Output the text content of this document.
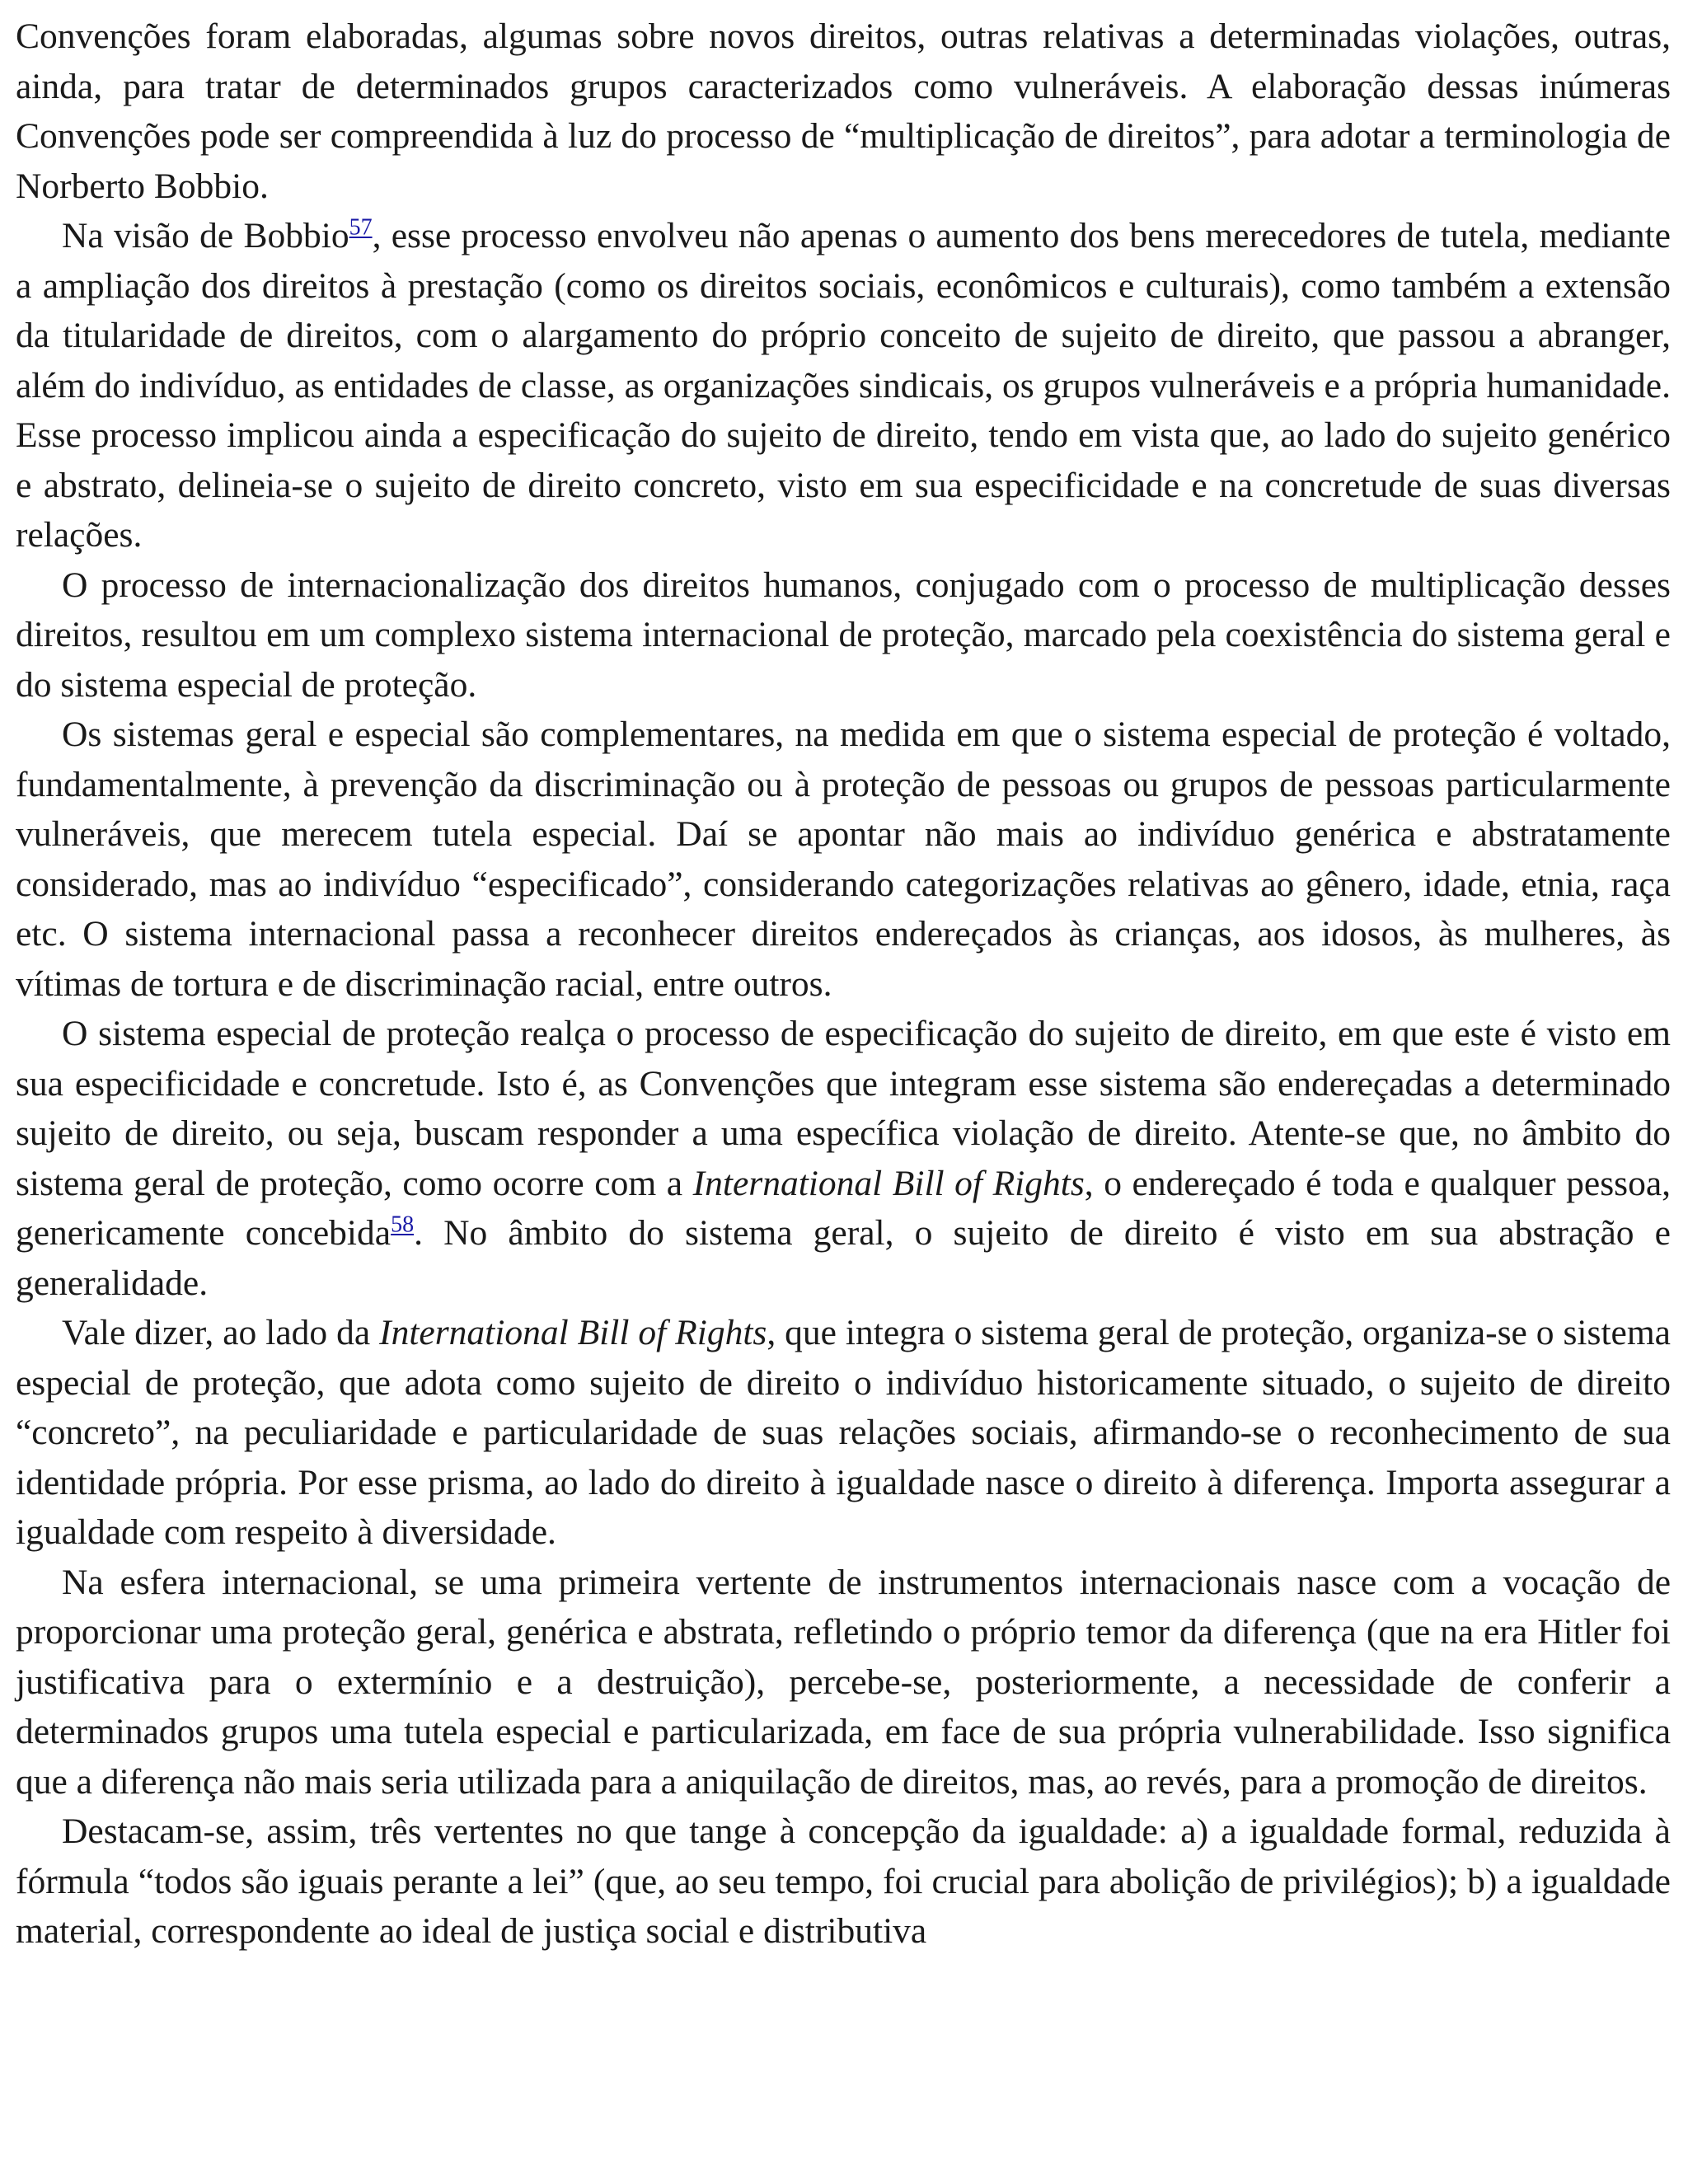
Convenções foram elaboradas, algumas sobre novos direitos, outras relativas a determinadas violações, outras, ainda, para tratar de determinados grupos caracterizados como vulneráveis. A elaboração dessas inúmeras Convenções pode ser compreendida à luz do processo de “multiplicação de direitos”, para adotar a terminologia de Norberto Bobbio.

Na visão de Bobbio$^{57}$, esse processo envolveu não apenas o aumento dos bens merecedores de tutela, mediante a ampliação dos direitos à prestação (como os direitos sociais, econômicos e culturais), como também a extensão da titularidade de direitos, com o alargamento do próprio conceito de sujeito de direito, que passou a abranger, além do indivíduo, as entidades de classe, as organizações sindicais, os grupos vulneráveis e a própria humanidade. Esse processo implicou ainda a especificação do sujeito de direito, tendo em vista que, ao lado do sujeito genérico e abstrato, delineia-se o sujeito de direito concreto, visto em sua especificidade e na concretude de suas diversas relações.

O processo de internacionalização dos direitos humanos, conjugado com o processo de multiplicação desses direitos, resultou em um complexo sistema internacional de proteção, marcado pela coexistência do sistema geral e do sistema especial de proteção.

Os sistemas geral e especial são complementares, na medida em que o sistema especial de proteção é voltado, fundamentalmente, à prevenção da discriminação ou à proteção de pessoas ou grupos de pessoas particularmente vulneráveis, que merecem tutela especial. Daí se apontar não mais ao indivíduo genérica e abstratamente considerado, mas ao indivíduo “especificado”, considerando categorizações relativas ao gênero, idade, etnia, raça etc. O sistema internacional passa a reconhecer direitos endereçados às crianças, aos idosos, às mulheres, às vítimas de tortura e de discriminação racial, entre outros.

O sistema especial de proteção realça o processo de especificação do sujeito de direito, em que este é visto em sua especificidade e concretude. Isto é, as Convenções que integram esse sistema são endereçadas a determinado sujeito de direito, ou seja, buscam responder a uma específica violação de direito. Atente-se que, no âmbito do sistema geral de proteção, como ocorre com a International Bill of Rights, o endereçado é toda e qualquer pessoa, genericamente concebida$^{58}$. No âmbito do sistema geral, o sujeito de direito é visto em sua abstração e generalidade.

Vale dizer, ao lado da International Bill of Rights, que integra o sistema geral de proteção, organiza-se o sistema especial de proteção, que adota como sujeito de direito o indivíduo historicamente situado, o sujeito de direito “concreto”, na peculiaridade e particularidade de suas relações sociais, afirmando-se o reconhecimento de sua identidade própria. Por esse prisma, ao lado do direito à igualdade nasce o direito à diferença. Importa assegurar a igualdade com respeito à diversidade.

Na esfera internacional, se uma primeira vertente de instrumentos internacionais nasce com a vocação de proporcionar uma proteção geral, genérica e abstrata, refletindo o próprio temor da diferença (que na era Hitler foi justificativa para o extermínio e a destruição), percebe-se, posteriormente, a necessidade de conferir a determinados grupos uma tutela especial e particularizada, em face de sua própria vulnerabilidade. Isso significa que a diferença não mais seria utilizada para a aniquilação de direitos, mas, ao revés, para a promoção de direitos.

Destacam-se, assim, três vertentes no que tange à concepção da igualdade: a) a igualdade formal, reduzida à fórmula “todos são iguais perante a lei” (que, ao seu tempo, foi crucial para abolição de privilégios); b) a igualdade material, correspondente ao ideal de justiça social e distributiva
